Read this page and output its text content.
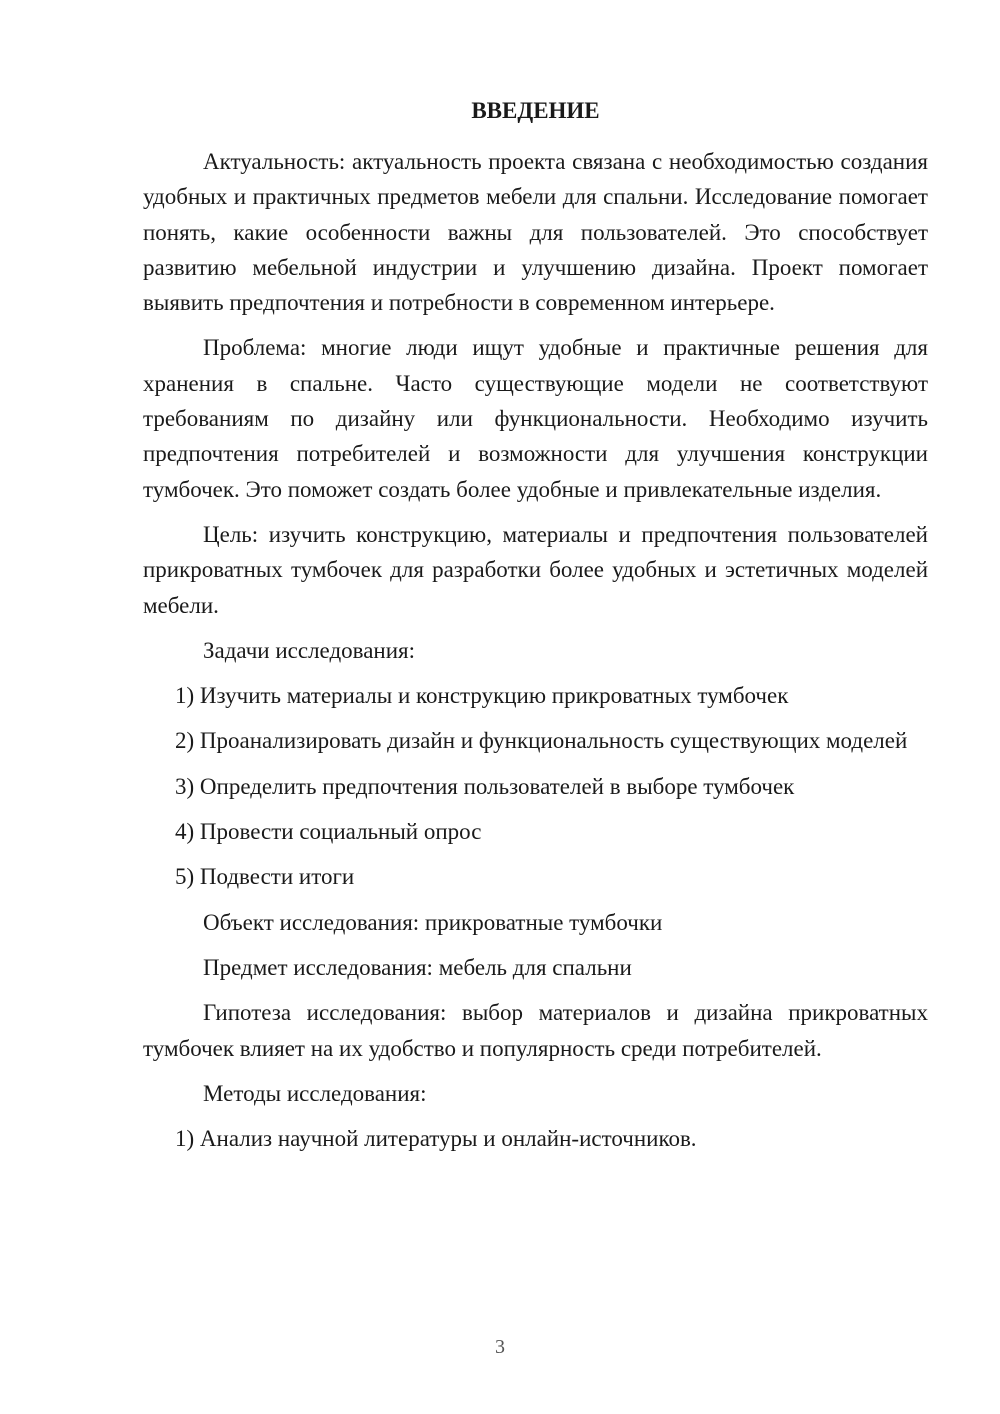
ВВЕДЕНИЕ

Актуальность: актуальность проекта связана с необходимостью создания удобных и практичных предметов мебели для спальни. Исследование помогает понять, какие особенности важны для пользователей. Это способствует развитию мебельной индустрии и улучшению дизайна. Проект помогает выявить предпочтения и потребности в современном интерьере.

Проблема: многие люди ищут удобные и практичные решения для хранения в спальне. Часто существующие модели не соответствуют требованиям по дизайну или функциональности. Необходимо изучить предпочтения потребителей и возможности для улучшения конструкции тумбочек. Это поможет создать более удобные и привлекательные изделия.

Цель: изучить конструкцию, материалы и предпочтения пользователей прикроватных тумбочек для разработки более удобных и эстетичных моделей мебели.

Задачи исследования:

1) Изучить материалы и конструкцию прикроватных тумбочек

2) Проанализировать дизайн и функциональность существующих моделей

3) Определить предпочтения пользователей в выборе тумбочек

4) Провести социальный опрос

5) Подвести итоги

Объект исследования: прикроватные тумбочки

Предмет исследования: мебель для спальни

Гипотеза исследования: выбор материалов и дизайна прикроватных тумбочек влияет на их удобство и популярность среди потребителей.

Методы исследования:

1) Анализ научной литературы и онлайн-источников.

3
